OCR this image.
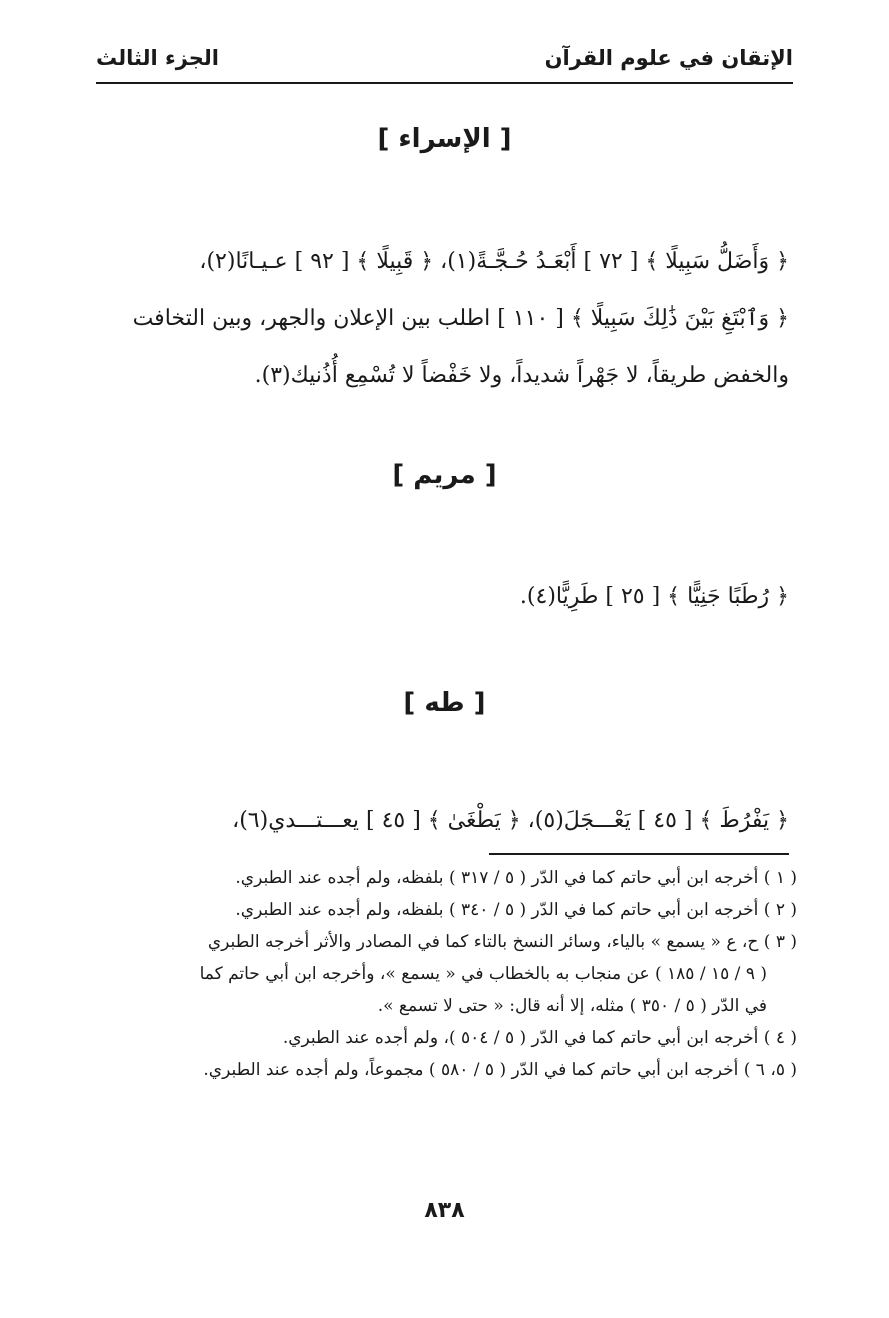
الإتقان في علوم القرآن
الجزء الثالث
[ الإسراء ]
﴿ وَأَضَلُّ سَبِيلًا ﴾ [ ٧٢ ] أَبْعَـدُ حُـجَّـةً(١)، ﴿ قَبِيلًا ﴾ [ ٩٢ ] عـيـانًا(٢)،
﴿ وَٱبْتَغِ بَيْنَ ذَٰلِكَ سَبِيلًا ﴾ [ ١١٠ ] اطلب بين الإعلان والجهر، وبين التخافت
والخفض طريقاً، لا جَهْراً شديداً، ولا خَفْضاً لا تُسْمِع أُذُنيك(٣).
[ مريم ]
﴿ رُطَبًا جَنِيًّا ﴾ [ ٢٥ ] طَرِيًّا(٤).
[ طه ]
﴿ يَفْرُطَ ﴾ [ ٤٥ ] يَعْـــجَلَ(٥)، ﴿ يَطْغَىٰ ﴾ [ ٤٥ ] يعـــتـــدي(٦)،
( ١ ) أخرجه ابن أبي حاتم كما في الدّر ( ٥ / ٣١٧ ) بلفظه، ولم أجده عند الطبري.
( ٢ ) أخرجه ابن أبي حاتم كما في الدّر ( ٥ / ٣٤٠ ) بلفظه، ولم أجده عند الطبري.
( ٣ ) ح، ع « يسمع » بالياء، وسائر النسخ بالتاء كما في المصادر والأثر أخرجه الطبري
( ٩ / ١٥ / ١٨٥ ) عن منجاب به بالخطاب في « يسمع »، وأخرجه ابن أبي حاتم كما
في الدّر ( ٥ / ٣٥٠ ) مثله، إلا أنه قال: « حتى لا تسمع ».
( ٤ ) أخرجه ابن أبي حاتم كما في الدّر ( ٥ / ٥٠٤ )، ولم أجده عند الطبري.
( ٥، ٦ ) أخرجه ابن أبي حاتم كما في الدّر ( ٥ / ٥٨٠ ) مجموعاً، ولم أجده عند الطبري.
٨٣٨
